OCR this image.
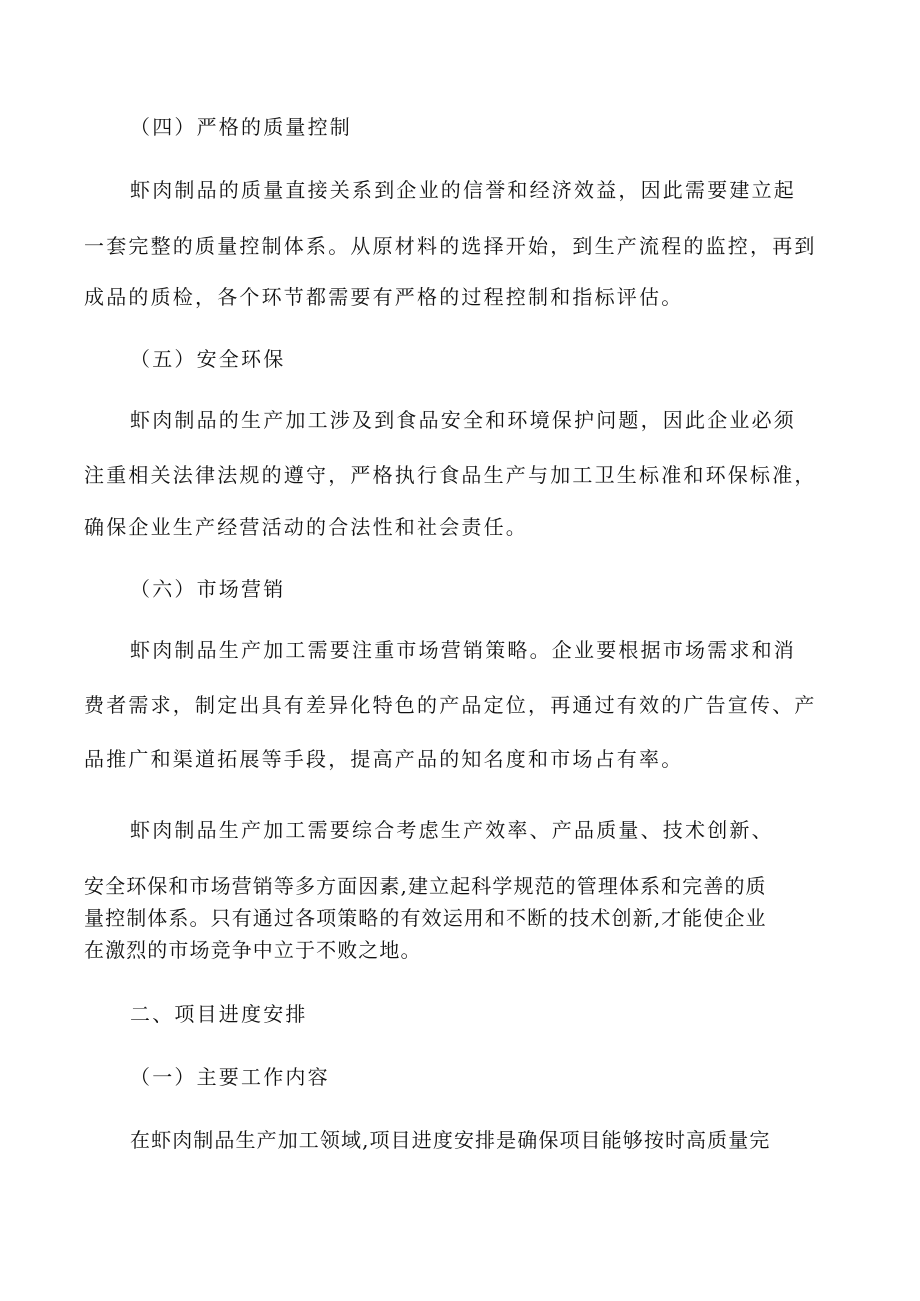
（四）严格的质量控制
虾肉制品的质量直接关系到企业的信誉和经济效益，因此需要建立起
一套完整的质量控制体系。从原材料的选择开始，到生产流程的监控，再到
成品的质检，各个环节都需要有严格的过程控制和指标评估。
（五）安全环保
虾肉制品的生产加工涉及到食品安全和环境保护问题，因此企业必须
注重相关法律法规的遵守，严格执行食品生产与加工卫生标准和环保标准，
确保企业生产经营活动的合法性和社会责任。
（六）市场营销
虾肉制品生产加工需要注重市场营销策略。企业要根据市场需求和消
费者需求，制定出具有差异化特色的产品定位，再通过有效的广告宣传、产
品推广和渠道拓展等手段，提高产品的知名度和市场占有率。
虾肉制品生产加工需要综合考虑生产效率、产品质量、技术创新、
安全环保和市场营销等多方面因素,建立起科学规范的管理体系和完善的质
量控制体系。只有通过各项策略的有效运用和不断的技术创新,才能使企业
在激烈的市场竞争中立于不败之地。
二、项目进度安排
（一）主要工作内容
在虾肉制品生产加工领域,项目进度安排是确保项目能够按时高质量完
